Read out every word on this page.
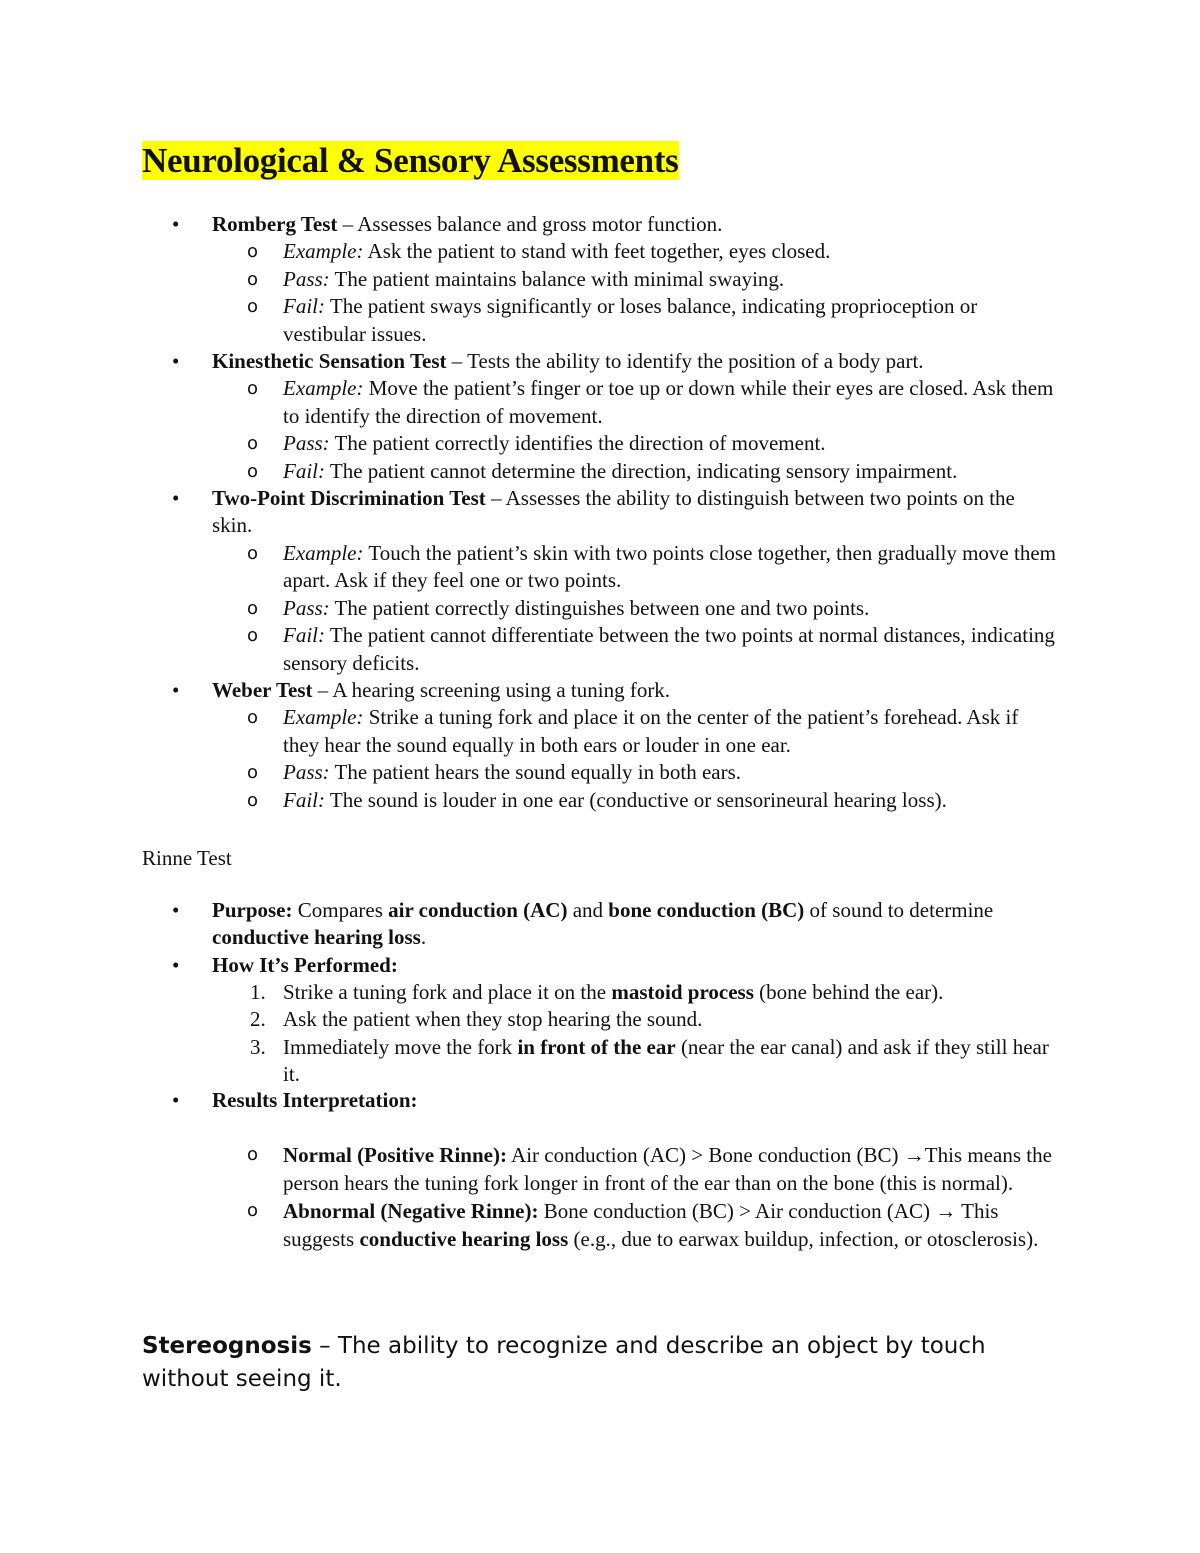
Neurological & Sensory Assessments
• Romberg Test – Assesses balance and gross motor function.
o Example: Ask the patient to stand with feet together, eyes closed.
o Pass: The patient maintains balance with minimal swaying.
o Fail: The patient sways significantly or loses balance, indicating proprioception or vestibular issues.
• Kinesthetic Sensation Test – Tests the ability to identify the position of a body part.
o Example: Move the patient’s finger or toe up or down while their eyes are closed. Ask them to identify the direction of movement.
o Pass: The patient correctly identifies the direction of movement.
o Fail: The patient cannot determine the direction, indicating sensory impairment.
• Two-Point Discrimination Test – Assesses the ability to distinguish between two points on the skin.
o Example: Touch the patient’s skin with two points close together, then gradually move them apart. Ask if they feel one or two points.
o Pass: The patient correctly distinguishes between one and two points.
o Fail: The patient cannot differentiate between the two points at normal distances, indicating sensory deficits.
• Weber Test – A hearing screening using a tuning fork.
o Example: Strike a tuning fork and place it on the center of the patient’s forehead. Ask if they hear the sound equally in both ears or louder in one ear.
o Pass: The patient hears the sound equally in both ears.
o Fail: The sound is louder in one ear (conductive or sensorineural hearing loss).
Rinne Test
• Purpose: Compares air conduction (AC) and bone conduction (BC) of sound to determine conductive hearing loss.
• How It’s Performed:
1. Strike a tuning fork and place it on the mastoid process (bone behind the ear).
2. Ask the patient when they stop hearing the sound.
3. Immediately move the fork in front of the ear (near the ear canal) and ask if they still hear it.
• Results Interpretation:
o Normal (Positive Rinne): Air conduction (AC) > Bone conduction (BC) →This means the person hears the tuning fork longer in front of the ear than on the bone (this is normal).
o Abnormal (Negative Rinne): Bone conduction (BC) > Air conduction (AC) → This suggests conductive hearing loss (e.g., due to earwax buildup, infection, or otosclerosis).
Stereognosis – The ability to recognize and describe an object by touch without seeing it.
